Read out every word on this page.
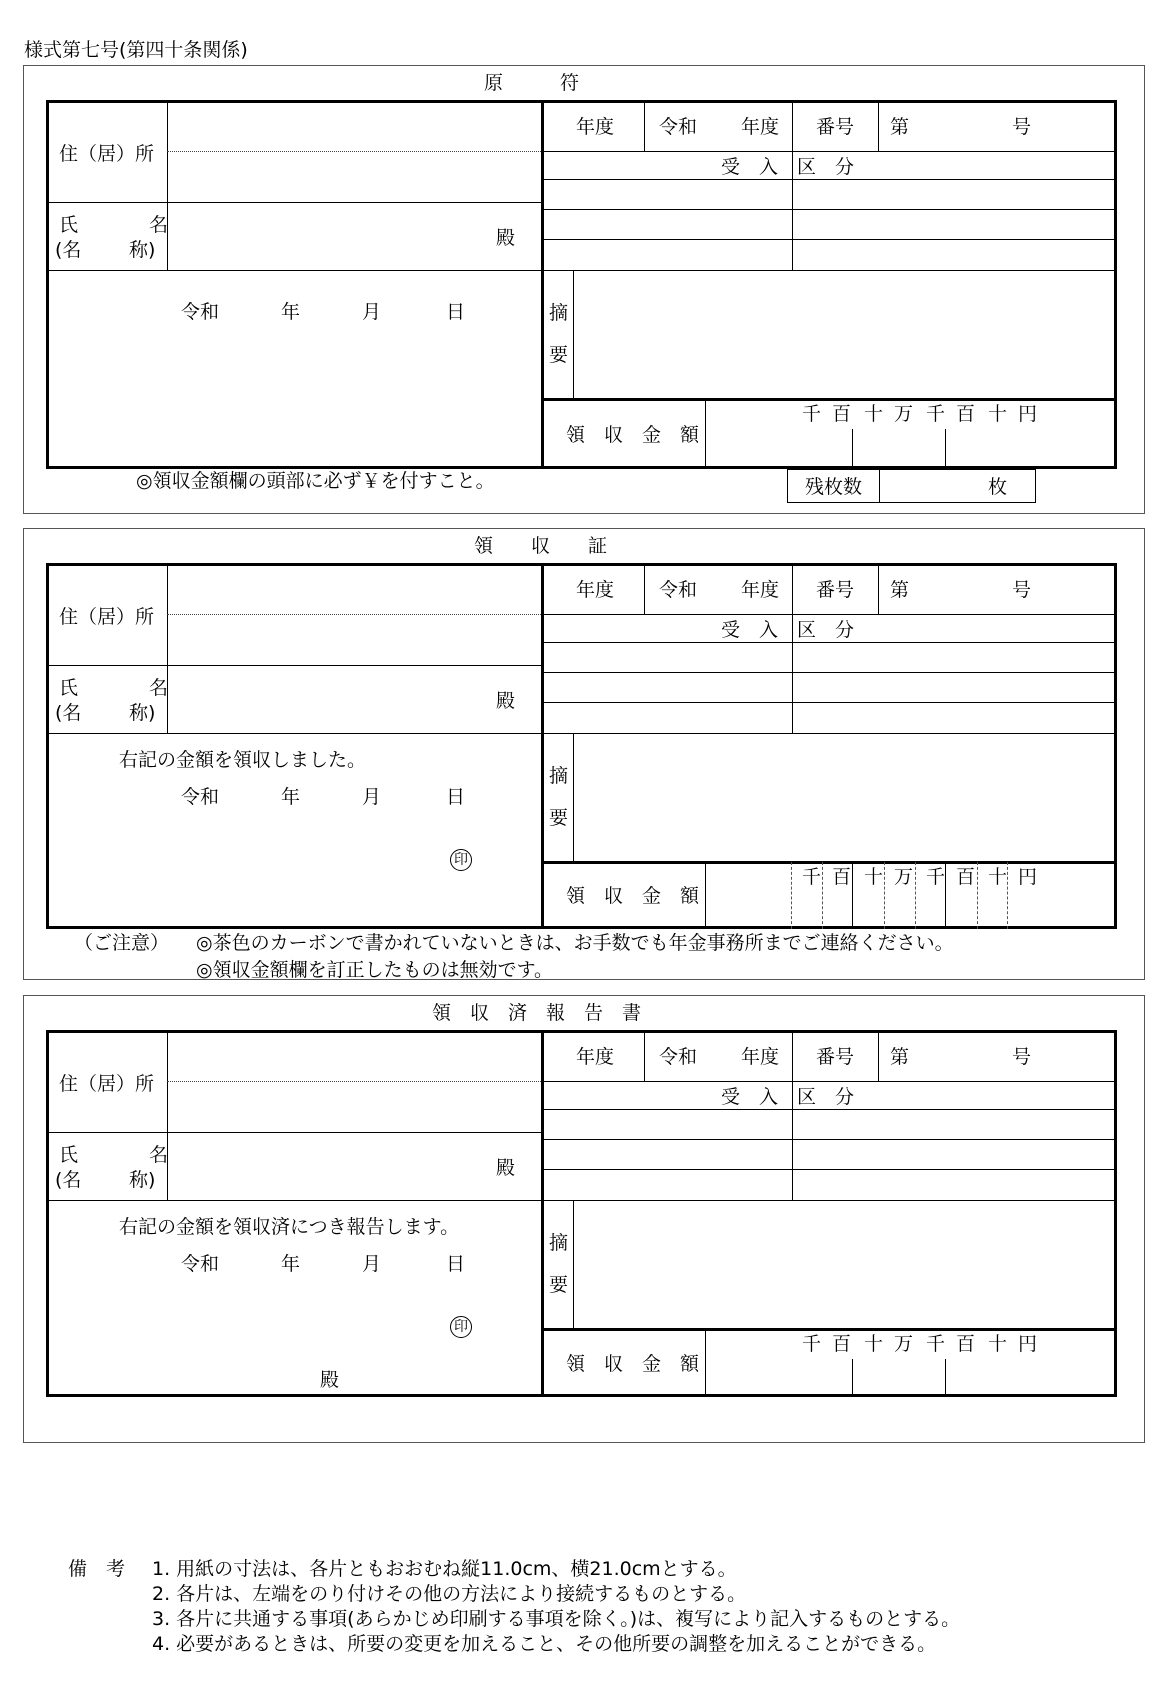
様式第七号(第四十条関係)
原　　　符
住（居）所
氏	名
(名	称)
殿
令和	年	月	日
年度 令和 年度 番号 第	号
受　入　区　分
摘
要
領　収　金　額
千 百 十 万 千 百 十 円
◎領収金額欄の頭部に必ず￥を付すこと。	残枚数	枚
領　　収　　証
住（居）所
氏	名
(名	称)
殿
右記の金額を領収しました。
令和	年	月	日
印
年度 令和 年度 番号 第	号
受　入　区　分
摘
要
領　収　金　額
千 百 十 万 千 百 十 円
（ご注意） ◎茶色のカーボンで書かれていないときは、お手数でも年金事務所までご連絡ください。
◎領収金額欄を訂正したものは無効です。
領　収　済　報　告　書
住（居）所
氏	名
(名	称)
殿
右記の金額を領収済につき報告します。
令和	年	月	日
印
殿
年度 令和 年度 番号 第	号
受　入　区　分
摘
要
領　収　金　額
千 百 十 万 千 百 十 円
備　考 1. 用紙の寸法は、各片ともおおむね縦11.0cm、横21.0cmとする。
2. 各片は、左端をのり付けその他の方法により接続するものとする。
3. 各片に共通する事項(あらかじめ印刷する事項を除く。)は、複写により記入するものとする。
4. 必要があるときは、所要の変更を加えること、その他所要の調整を加えることができる。
